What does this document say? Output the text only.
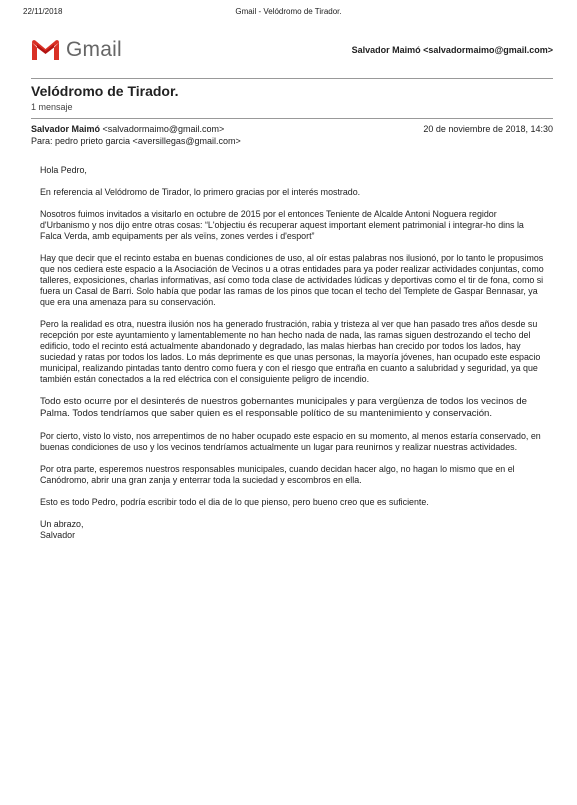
22/11/2018	Gmail - Velódromo de Tirador.
Gmail	Salvador Maimó <salvadormaimo@gmail.com>
Velódromo de Tirador.
1 mensaje
Salvador Maimó <salvadormaimo@gmail.com>	20 de noviembre de 2018, 14:30
Para: pedro prieto garcia <aversillegas@gmail.com>

Hola Pedro,

En referencia al Velódromo de Tirador, lo primero gracias por el interés mostrado.

Nosotros fuimos invitados a visitarlo en octubre de 2015 por el entonces Teniente de Alcalde Antoni Noguera regidor d'Urbanismo y nos dijo entre otras cosas: “L'objectiu és recuperar aquest important element patrimonial i integrar-ho dins la Falca Verda, amb equipaments per als veïns, zones verdes i d'esport”

Hay que decir que el recinto estaba en buenas condiciones de uso, al oír estas palabras nos ilusionó, por lo tanto le propusimos que nos cediera este espacio a la Asociación de Vecinos u a otras entidades para ya poder realizar actividades conjuntas, como talleres, exposiciones, charlas informativas, así como toda clase de actividades lúdicas y deportivas como el tir de fona, como si fuera un Casal de Barri. Solo había que podar las ramas de los pinos que tocan el techo del Templete de Gaspar Bennasar, ya que era una amenaza para su conservación.

Pero la realidad es otra, nuestra ilusión nos ha generado frustración, rabia y tristeza al ver que han pasado tres años desde su recepción por este ayuntamiento y lamentablemente no han hecho nada de nada, las ramas siguen destrozando el techo del edificio, todo el recinto está actualmente abandonado y degradado, las malas hierbas han crecido por todos los lados, hay suciedad y ratas por todos los lados. Lo más deprimente es que unas personas, la mayoría jóvenes, han ocupado este espacio municipal, realizando pintadas tanto dentro como fuera y con el riesgo que entraña en cuanto a salubridad y seguridad, ya que también están conectados a la red eléctrica con el consiguiente peligro de incendio.

Todo esto ocurre por el desinterés de nuestros gobernantes municipales y para vergüenza de todos los vecinos de Palma. Todos tendríamos que saber quien es el responsable político de su mantenimiento y conservación.

Por cierto, visto lo visto, nos arrepentimos de no haber ocupado este espacio en su momento, al menos estaría conservado, en buenas condiciones de uso y los vecinos tendríamos actualmente un lugar para reunirnos y realizar nuestras actividades.

Por otra parte, esperemos nuestros responsables municipales, cuando decidan hacer algo, no hagan lo mismo que en el Canódromo, abrir una gran zanja y enterrar toda la suciedad y escombros en ella.

Esto es todo Pedro, podría escribir todo el dia de lo que pienso, pero bueno creo que es suficiente.

Un abrazo,

Salvador
